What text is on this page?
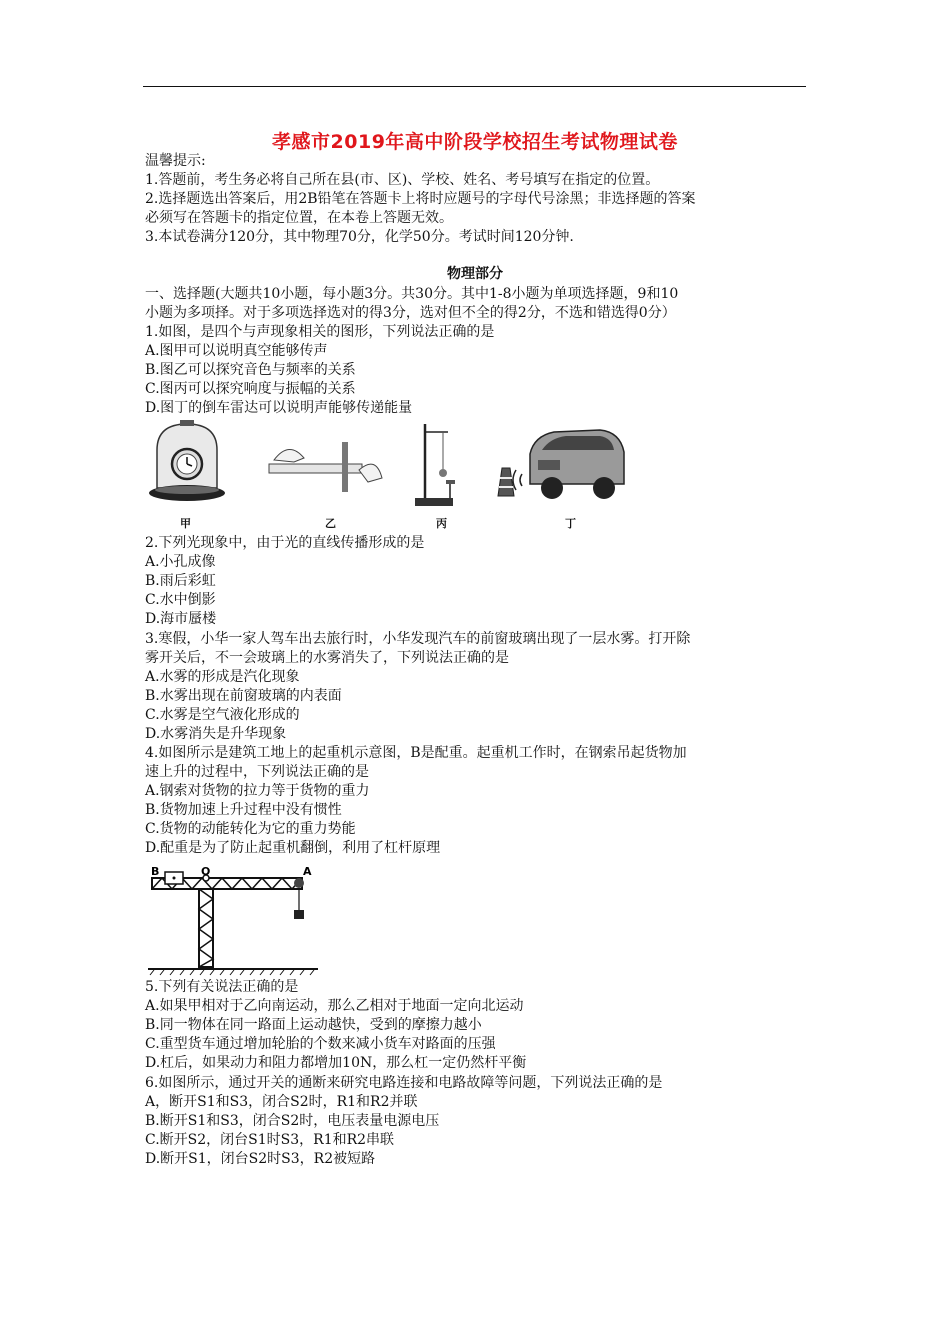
孝感市2019年高中阶段学校招生考试物理试卷
温馨提示:
1.答题前，考生务必将自己所在县(市、区)、学校、姓名、考号填写在指定的位置。
2.选择题选出答案后，用2B铅笔在答题卡上将时应题号的字母代号涂黑；非选择题的答案
必须写在答题卡的指定位置，在本卷上答题无效。
3.本试卷满分120分，其中物理70分，化学50分。考试时间120分钟.
物理部分
一、选择题(大题共10小题，每小题3分。共30分。其中1-8小题为单项选择题，9和10
小题为多项择。对于多项选择选对的得3分，选对但不全的得2分，不选和错选得0分）
1.如图，是四个与声现象相关的图形，下列说法正确的是
A.图甲可以说明真空能够传声
B.图乙可以探究音色与频率的关系
C.图丙可以探究响度与振幅的关系
D.图丁的倒车雷达可以说明声能够传递能量
甲	乙	丙	丁
2.下列光现象中，由于光的直线传播形成的是
A.小孔成像
B.雨后彩虹
C.水中倒影
D.海市蜃楼
3.寒假，小华一家人驾车出去旅行时，小华发现汽车的前窗玻璃出现了一层水雾。打开除
雾开关后，不一会玻璃上的水雾消失了，下列说法正确的是
A.水雾的形成是汽化现象
B.水雾出现在前窗玻璃的内表面
C.水雾是空气液化形成的
D.水雾消失是升华现象
4.如图所示是建筑工地上的起重机示意图，B是配重。起重机工作时，在钢索吊起货物加
速上升的过程中，下列说法正确的是
A.钢索对货物的拉力等于货物的重力
B.货物加速上升过程中没有惯性
C.货物的动能转化为它的重力势能
D.配重是为了防止起重机翻倒，利用了杠杆原理
B	O	A
5.下列有关说法正确的是
A.如果甲相对于乙向南运动，那么乙相对于地面一定向北运动
B.同一物体在同一路面上运动越快，受到的摩擦力越小
C.重型货车通过增加轮胎的个数来减小货车对路面的压强
D.杠后，如果动力和阻力都增加10N，那么杠一定仍然杆平衡
6.如图所示，通过开关的通断来研究电路连接和电路故障等问题，下列说法正确的是
A，断开S1和S3，闭合S2时，R1和R2并联
B.断开S1和S3，闭合S2时，电压表量电源电压
C.断开S2，闭台S1时S3，R1和R2串联
D.断开S1，闭台S2时S3，R2被短路
